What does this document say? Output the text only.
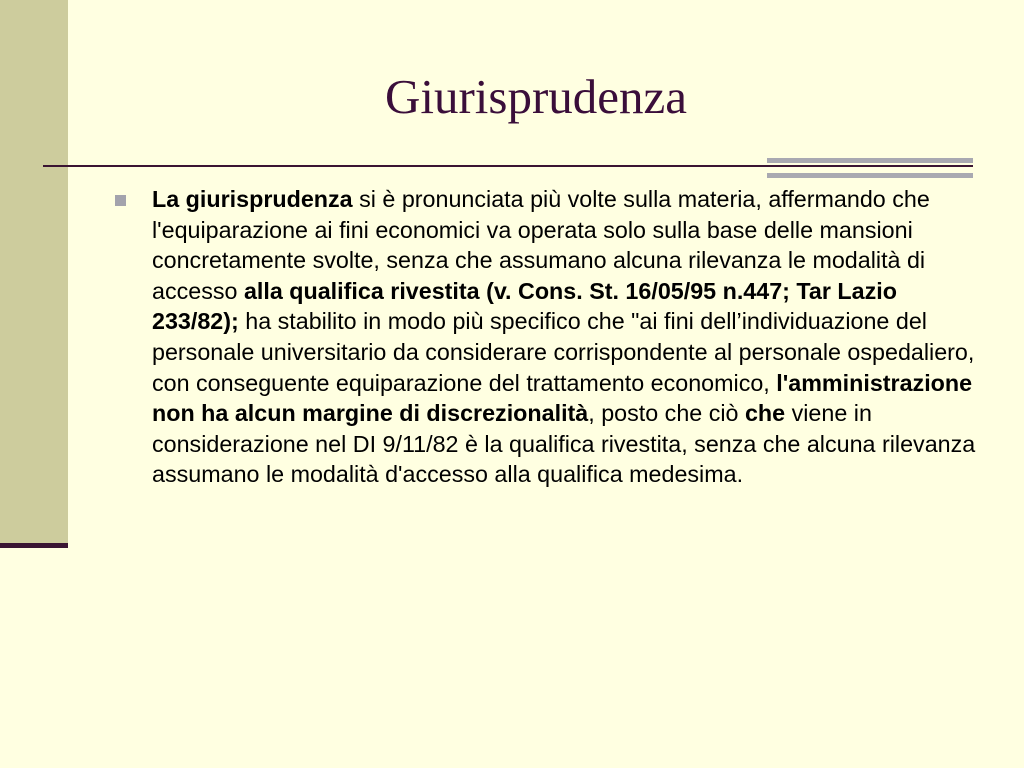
Giurisprudenza
La giurisprudenza si è pronunciata più volte sulla materia, affermando che l'equiparazione ai fini economici va operata solo sulla base delle mansioni concretamente svolte, senza che assumano alcuna rilevanza le modalità di accesso alla qualifica rivestita (v. Cons. St. 16/05/95 n.447; Tar Lazio 233/82); ha stabilito in modo più specifico che "ai fini dell’individuazione del personale universitario da considerare corrispondente al personale ospedaliero, con conseguente equiparazione del trattamento economico, l'amministrazione non ha alcun margine di discrezionalità, posto che ciò che viene in considerazione nel DI 9/11/82 è la qualifica rivestita, senza che alcuna rilevanza assumano le modalità d'accesso alla qualifica medesima.
